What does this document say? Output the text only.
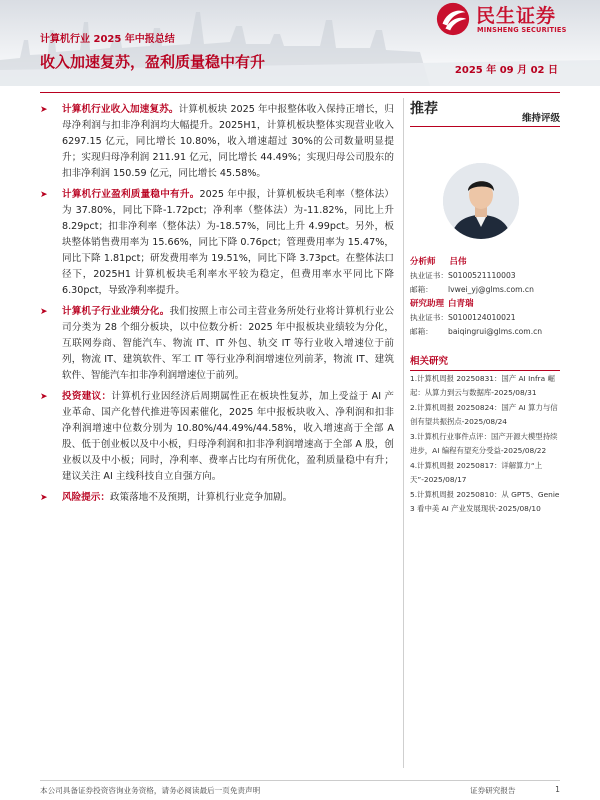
民生证券
MINSHENG SECURITIES
计算机行业 2025 年中报总结
收入加速复苏，盈利质量稳中有升	2025 年 09 月 02 日
➤ 计算机行业收入加速复苏。计算机板块 2025 年中报整体收入保持正增长，归母净利润与扣非净利润均大幅提升。2025H1，计算机板块整体实现营业收入 6297.15 亿元，同比增长 10.80%，收入增速超过 30%的公司数量明显提升；实现归母净利润 211.91 亿元，同比增长 44.49%；实现归母公司股东的扣非净利润 150.59 亿元，同比增长 45.58%。
➤ 计算机行业盈利质量稳中有升。2025 年中报，计算机板块毛利率（整体法）为 37.80%，同比下降-1.72pct；净利率（整体法）为-11.82%，同比上升 8.29pct；扣非净利率（整体法）为-18.57%，同比上升 4.99pct。另外，板块整体销售费用率为 15.66%，同比下降 0.76pct；管理费用率为 15.47%，同比下降 1.81pct；研发费用率为 19.51%，同比下降 3.73pct。在整体法口径下，2025H1 计算机板块毛利率水平较为稳定，但费用率水平同比下降 6.30pct，导致净利率提升。
➤ 计算机子行业业绩分化。我们按照上市公司主营业务所处行业将计算机行业公司分类为 28 个细分板块，以中位数分析：2025 年中报板块业绩较为分化，互联网券商、智能汽车、物流 IT、IT 外包、轨交 IT 等行业收入增速位于前列，物流 IT、建筑软件、军工 IT 等行业净利润增速位列前茅，物流 IT、建筑软件、智能汽车扣非净利润增速位于前列。
➤ 投资建议：计算机行业因经济后周期属性正在板块性复苏，加上受益于 AI 产业革命、国产化替代推进等因素催化，2025 年中报板块收入、净利润和扣非净利润增速中位数分别为 10.80%/44.49%/44.58%，收入增速高于全部 A 股、低于创业板以及中小板，归母净利润和扣非净利润增速高于全部 A 股，创业板以及中小板；同时，净利率、费率占比均有所优化，盈利质量稳中有升；建议关注 AI 主线科技自立自强方向。
➤ 风险提示：政策落地不及预期，计算机行业竞争加剧。
推荐
维持评级
分析师 吕伟
执业证书：S0100521110003
邮箱： lvwei_yj@glms.com.cn
研究助理 白青瑞
执业证书：S0100124010021
邮箱： baiqingrui@glms.com.cn
相关研究
1.计算机周报 20250831：国产 AI Infra 崛起：从算力到云与数据库-2025/08/31
2.计算机周报 20250824：国产 AI 算力与信创有望共振拐点-2025/08/24
3.计算机行业事件点评：国产开源大模型持续进步，AI 编程有望充分受益-2025/08/22
4.计算机周报 20250817：详解算力“上天”-2025/08/17
5.计算机周报 20250810：从 GPT5、Genie 3 看中美 AI 产业发展现状-2025/08/10
本公司具备证券投资咨询业务资格，请务必阅读最后一页免责声明	证券研究报告	1
